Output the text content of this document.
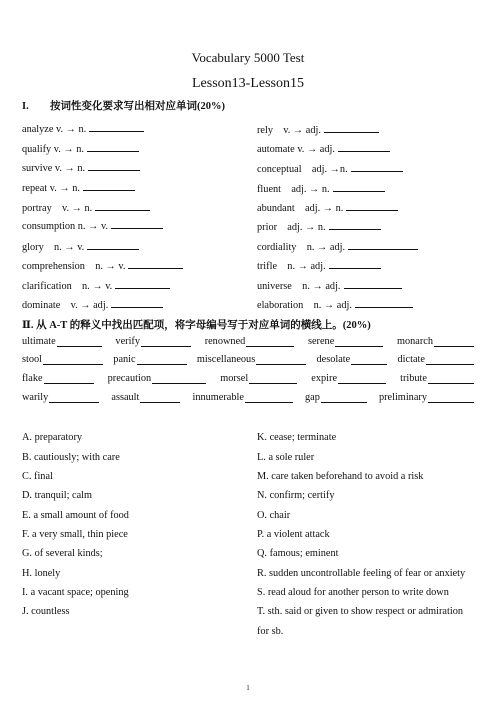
Vocabulary 5000 Test
Lesson13-Lesson15
I. 按词性变化要求写出相对应单词(20%)
analyze v. → n.	rely　v. → adj.
qualify v. → n.	automate v. → adj.
survive v. → n.	conceptual　adj. →n.
repeat v. → n.	fluent　adj. → n.
portray　v. → n.	abundant　adj. → n.
consumption n. → v.	prior　adj. → n.
glory　n. → v.	cordiality　n. → adj.
comprehension　n. → v.	trifle　n. → adj.
clarification　n. → v.	universe　n. → adj.
dominate　v. → adj.	elaboration　n. → adj.
Ⅱ. 从 A-T 的释义中找出匹配项，将字母编号写于对应单词的横线上。(20%)
ultimate	verify	renowned	serene	monarch
stool	panic	miscellaneous	desolate	dictate
flake	precaution	morsel	expire	tribute
warily	assault	innumerable	gap	preliminary
A. preparatory
B. cautiously; with care
C. final
D. tranquil; calm
E. a small amount of food
F. a very small, thin piece
G. of several kinds;
H. lonely
I. a vacant space; opening
J. countless
K. cease; terminate
L. a sole ruler
M. care taken beforehand to avoid a risk
N. confirm; certify
O. chair
P. a violent attack
Q. famous; eminent
R. sudden uncontrollable feeling of fear or anxiety
S. read aloud for another person to write down
T. sth. said or given to show respect or admiration
for sb.
1
